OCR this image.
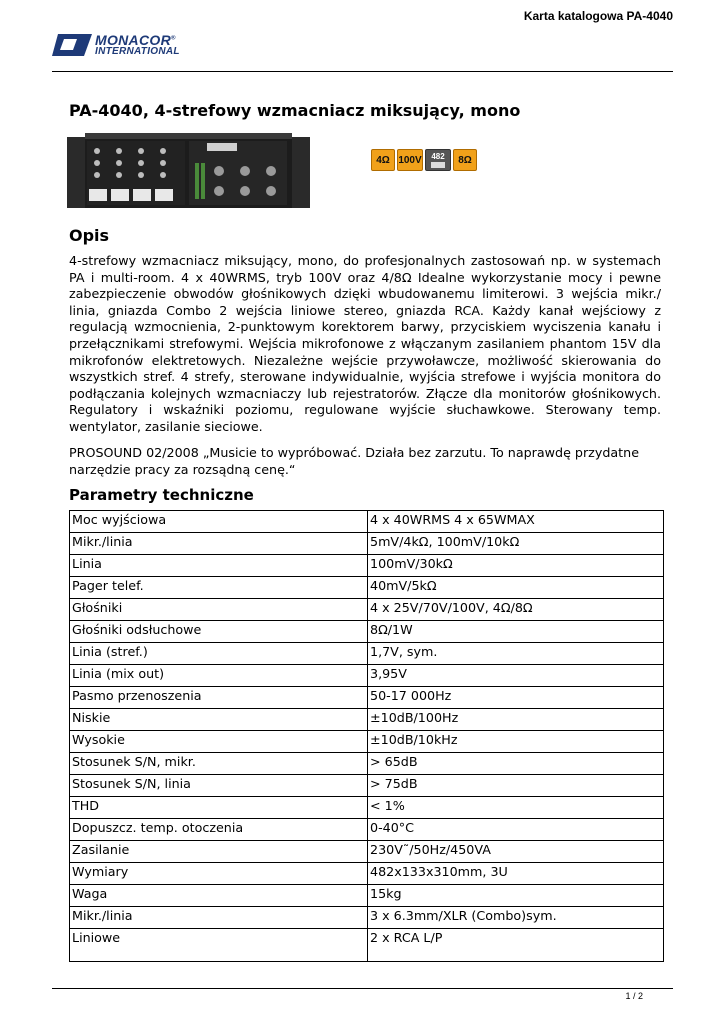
Karta katalogowa PA-4040
MONACOR®
INTERNATIONAL
PA-4040, 4-strefowy wzmacniacz miksujący, mono
4Ω 100V 482	8Ω
Opis

4-strefowy wzmacniacz miksujący, mono, do profesjonalnych zastosowań np. w systemach PA i multi-room. 4 x 40WRMS, tryb 100V oraz 4/8Ω Idealne wykorzystanie mocy i pewne zabezpieczenie obwodów głośnikowych dzięki wbudowanemu limiterowi. 3 wejścia mikr./ linia, gniazda Combo 2 wejścia liniowe stereo, gniazda RCA. Każdy kanał wejściowy z regulacją wzmocnienia, 2-punktowym korektorem barwy, przyciskiem wyciszenia kanału i przełącznikami strefowymi. Wejścia mikrofonowe z włączanym zasilaniem phantom 15V dla mikrofonów elektretowych. Niezależne wejście przywoławcze, możliwość skierowania do wszystkich stref. 4 strefy, sterowane indywidualnie, wyjścia strefowe i wyjścia monitora do podłączania kolejnych wzmacniaczy lub rejestratorów. Złącze dla monitorów głośnikowych. Regulatory i wskaźniki poziomu, regulowane wyjście słuchawkowe. Sterowany temp. wentylator, zasilanie sieciowe.

PROSOUND 02/2008 „Musicie to wypróbować. Działa bez zarzutu. To naprawdę przydatne narzędzie pracy za rozsądną cenę.“

Parametry techniczne
Moc wyjściowa	4 x 40WRMS 4 x 65WMAX
Mikr./linia	5mV/4kΩ, 100mV/10kΩ
Linia	100mV/30kΩ
Pager telef.	40mV/5kΩ
Głośniki	4 x 25V/70V/100V, 4Ω/8Ω
Głośniki odsłuchowe	8Ω/1W
Linia (stref.)	1,7V, sym.
Linia (mix out)	3,95V
Pasmo przenoszenia	50-17 000Hz
Niskie	±10dB/100Hz
Wysokie	±10dB/10kHz
Stosunek S/N, mikr.	> 65dB
Stosunek S/N, linia	> 75dB
THD	< 1%
Dopuszcz. temp. otoczenia	0-40°C
Zasilanie	230V˜/50Hz/450VA
Wymiary	482x133x310mm, 3U
Waga	15kg
Mikr./linia	3 x 6.3mm/XLR (Combo)sym.
Liniowe	2 x RCA L/P
1 / 2
